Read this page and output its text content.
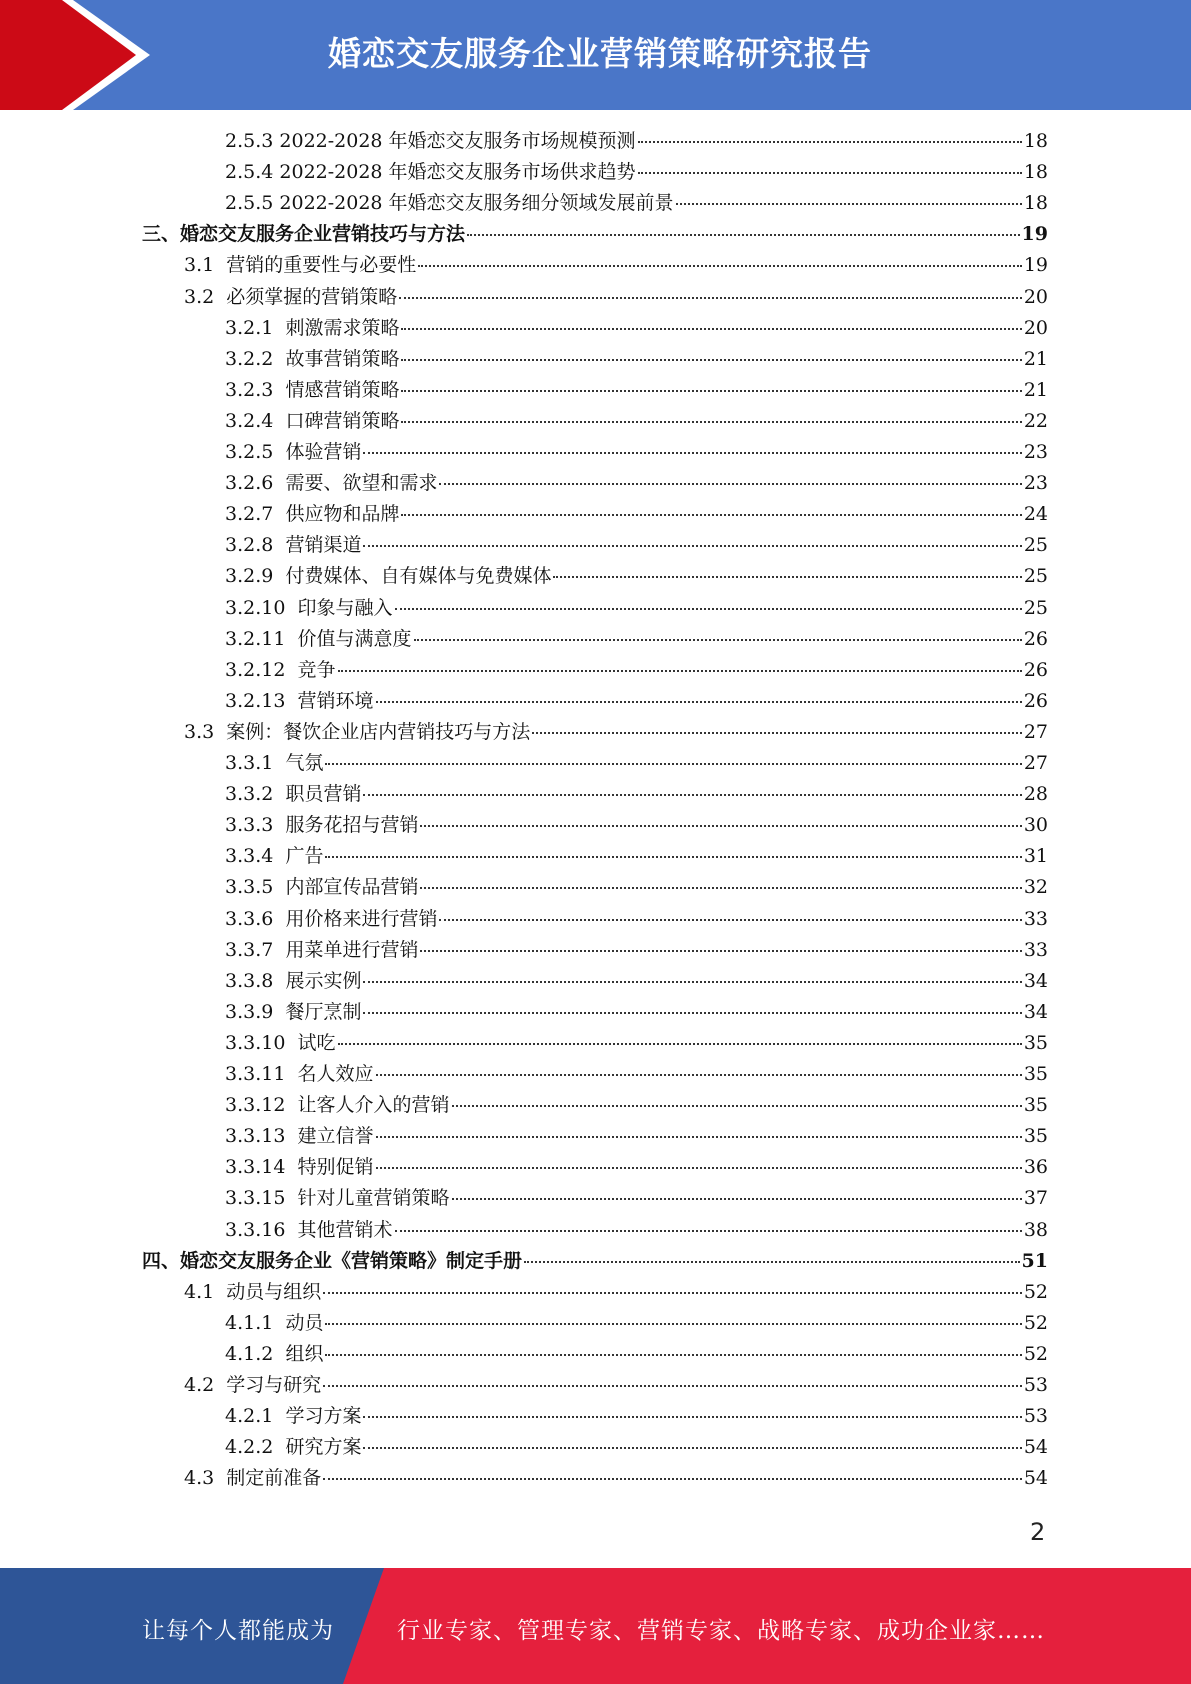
婚恋交友服务企业营销策略研究报告
2.5.3 2022-2028 年婚恋交友服务市场规模预测	18
2.5.4 2022-2028 年婚恋交友服务市场供求趋势	18
2.5.5 2022-2028 年婚恋交友服务细分领域发展前景	18
三、 婚恋交友服务企业营销技巧与方法	19
3.1 营销的重要性与必要性	19
3.2 必须掌握的营销策略	20
3.2.1 刺激需求策略	20
3.2.2 故事营销策略	21
3.2.3 情感营销策略	21
3.2.4 口碑营销策略	22
3.2.5 体验营销	23
3.2.6 需要、欲望和需求	23
3.2.7 供应物和品牌	24
3.2.8 营销渠道	25
3.2.9 付费媒体、自有媒体与免费媒体	25
3.2.10 印象与融入	25
3.2.11 价值与满意度	26
3.2.12 竞争	26
3.2.13 营销环境	26
3.3 案例：餐饮企业店内营销技巧与方法	27
3.3.1 气氛	27
3.3.2 职员营销	28
3.3.3 服务花招与营销	30
3.3.4 广告	31
3.3.5 内部宣传品营销	32
3.3.6 用价格来进行营销	33
3.3.7 用菜单进行营销	33
3.3.8 展示实例	34
3.3.9 餐厅烹制	34
3.3.10 试吃	35
3.3.11 名人效应	35
3.3.12 让客人介入的营销	35
3.3.13 建立信誉	35
3.3.14 特别促销	36
3.3.15 针对儿童营销策略	37
3.3.16 其他营销术	38
四、 婚恋交友服务企业《营销策略》制定手册	51
4.1 动员与组织	52
4.1.1 动员	52
4.1.2 组织	52
4.2 学习与研究	53
4.2.1 学习方案	53
4.2.2 研究方案	54
4.3 制定前准备	54
2
让每个人都能成为	行业专家、管理专家、营销专家、战略专家、成功企业家……
